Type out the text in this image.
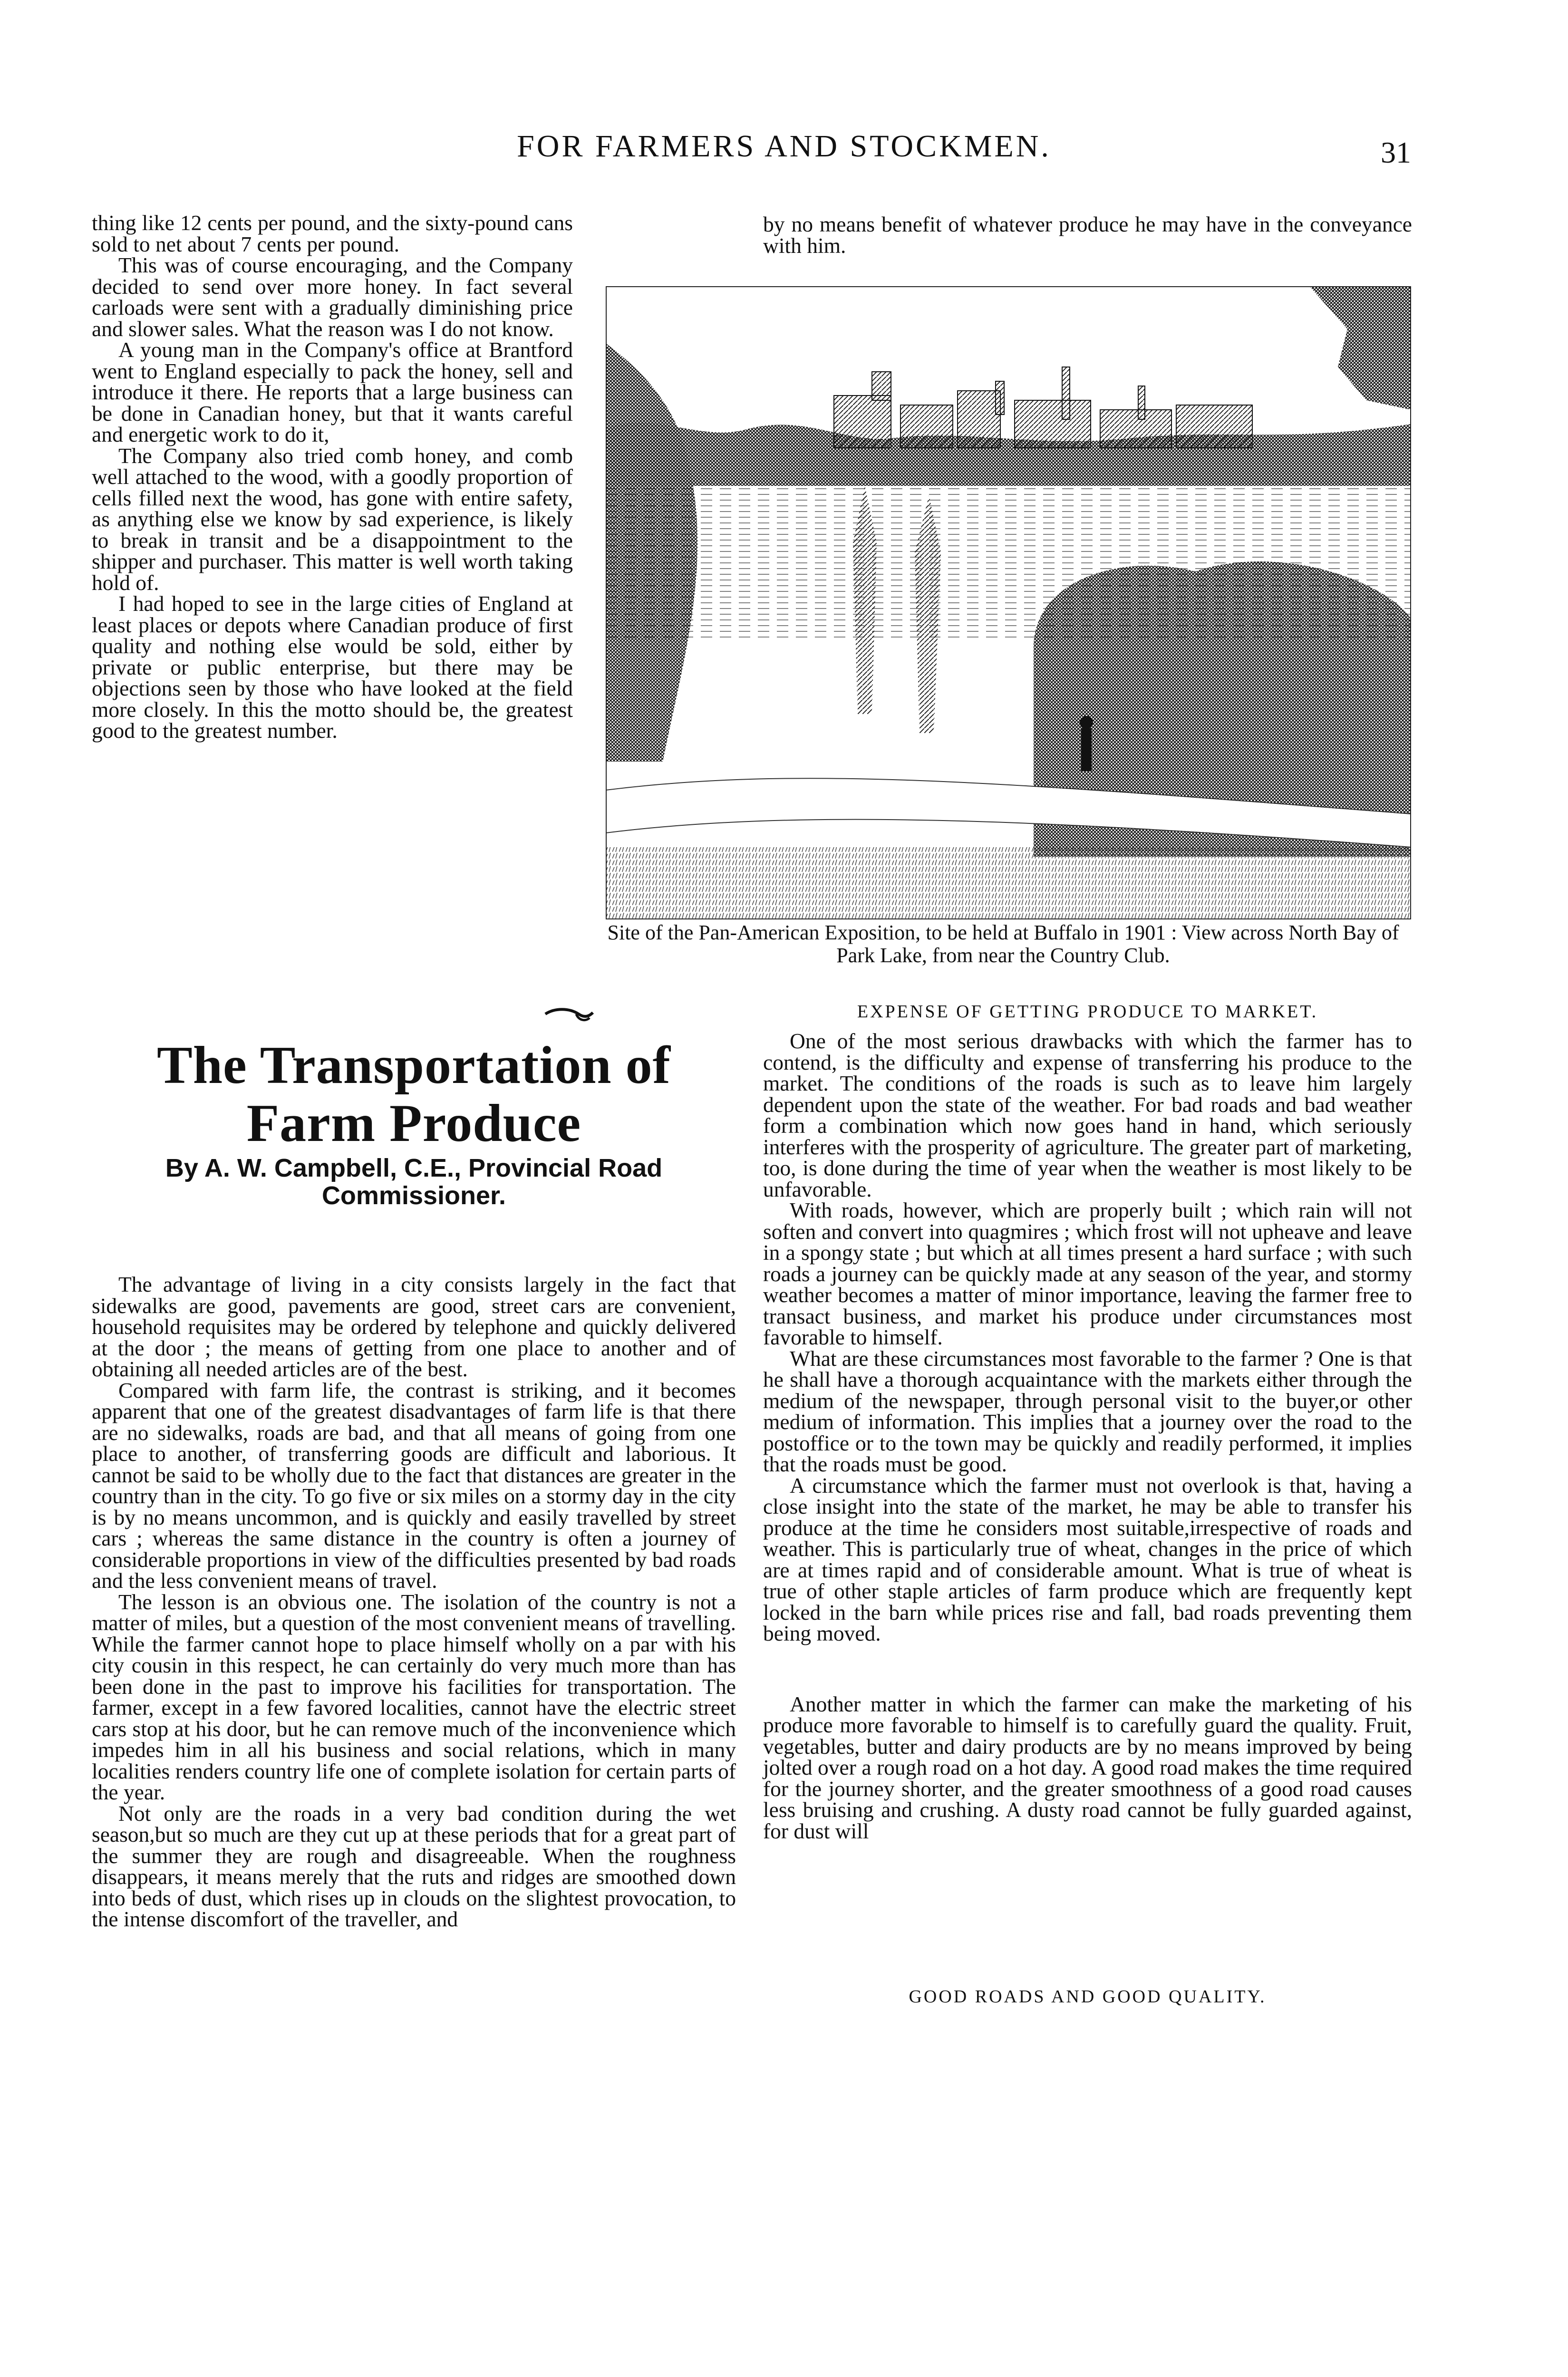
FOR FARMERS AND STOCKMEN.	31

thing like 12 cents per pound, and the sixty-pound cans sold to net about 7 cents per pound.

This was of course encouraging, and the Company decided to send over more honey. In fact several carloads were sent with a gradually diminishing price and slower sales. What the reason was I do not know.

A young man in the Company's office at Brantford went to England especially to pack the honey, sell and introduce it there. He reports that a large business can be done in Canadian honey, but that it wants careful and energetic work to do it,

The Company also tried comb honey, and comb well attached to the wood, with a goodly proportion of cells filled next the wood, has gone with entire safety, as anything else we know by sad experience, is likely to break in transit and be a disappointment to the shipper and purchaser. This matter is well worth taking hold of.

I had hoped to see in the large cities of England at least places or depots where Canadian produce of first quality and nothing else would be sold, either by private or public enterprise, but there may be objections seen by those who have looked at the field more closely. In this the motto should be, the greatest good to the greatest number.

by no means benefit of whatever produce he may have in the conveyance with him.

Site of the Pan-American Exposition, to be held at Buffalo in 1901 : View across North Bay of Park Lake, from near the Country Club.
The Transportation of Farm Produce
By A. W. Campbell, C.E., Provincial Road Commissioner.

The advantage of living in a city consists largely in the fact that sidewalks are good, pavements are good, street cars are convenient, household requisites may be ordered by telephone and quickly delivered at the door ; the means of getting from one place to another and of obtaining all needed articles are of the best.

Compared with farm life, the contrast is striking, and it becomes apparent that one of the greatest disadvantages of farm life is that there are no sidewalks, roads are bad, and that all means of going from one place to another, of transferring goods are difficult and laborious. It cannot be said to be wholly due to the fact that distances are greater in the country than in the city. To go five or six miles on a stormy day in the city is by no means uncommon, and is quickly and easily travelled by street cars ; whereas the same distance in the country is often a journey of considerable proportions in view of the difficulties presented by bad roads and the less convenient means of travel.

The lesson is an obvious one. The isolation of the country is not a matter of miles, but a question of the most convenient means of travelling. While the farmer cannot hope to place himself wholly on a par with his city cousin in this respect, he can certainly do very much more than has been done in the past to improve his facilities for transportation. The farmer, except in a few favored localities, cannot have the electric street cars stop at his door, but he can remove much of the inconvenience which impedes him in all his business and social relations, which in many localities renders country life one of complete isolation for certain parts of the year.

Not only are the roads in a very bad condition during the wet season,but so much are they cut up at these periods that for a great part of the summer they are rough and disagreeable. When the roughness disappears, it means merely that the ruts and ridges are smoothed down into beds of dust, which rises up in clouds on the slightest provocation, to the intense discomfort of the traveller, and

EXPENSE OF GETTING PRODUCE TO MARKET.

One of the most serious drawbacks with which the farmer has to contend, is the difficulty and expense of transferring his produce to the market. The conditions of the roads is such as to leave him largely dependent upon the state of the weather. For bad roads and bad weather form a combination which now goes hand in hand, which seriously interferes with the prosperity of agriculture. The greater part of marketing, too, is done during the time of year when the weather is most likely to be unfavorable.

With roads, however, which are properly built ; which rain will not soften and convert into quagmires ; which frost will not upheave and leave in a spongy state ; but which at all times present a hard surface ; with such roads a journey can be quickly made at any season of the year, and stormy weather becomes a matter of minor importance, leaving the farmer free to transact business, and market his produce under circumstances most favorable to himself.

What are these circumstances most favorable to the farmer ? One is that he shall have a thorough acquaintance with the markets either through the medium of the newspaper, through personal visit to the buyer,or other medium of information. This implies that a journey over the road to the postoffice or to the town may be quickly and readily performed, it implies that the roads must be good.

A circumstance which the farmer must not overlook is that, having a close insight into the state of the market, he may be able to transfer his produce at the time he considers most suitable,irrespective of roads and weather. This is particularly true of wheat, changes in the price of which are at times rapid and of considerable amount. What is true of wheat is true of other staple articles of farm produce which are frequently kept locked in the barn while prices rise and fall, bad roads preventing them being moved.

Another matter in which the farmer can make the marketing of his produce more favorable to himself is to carefully guard the quality. Fruit, vegetables, butter and dairy products are by no means improved by being jolted over a rough road on a hot day. A good road makes the time required for the journey shorter, and the greater smoothness of a good road causes less bruising and crushing. A dusty road cannot be fully guarded against, for dust will

GOOD ROADS AND GOOD QUALITY.
